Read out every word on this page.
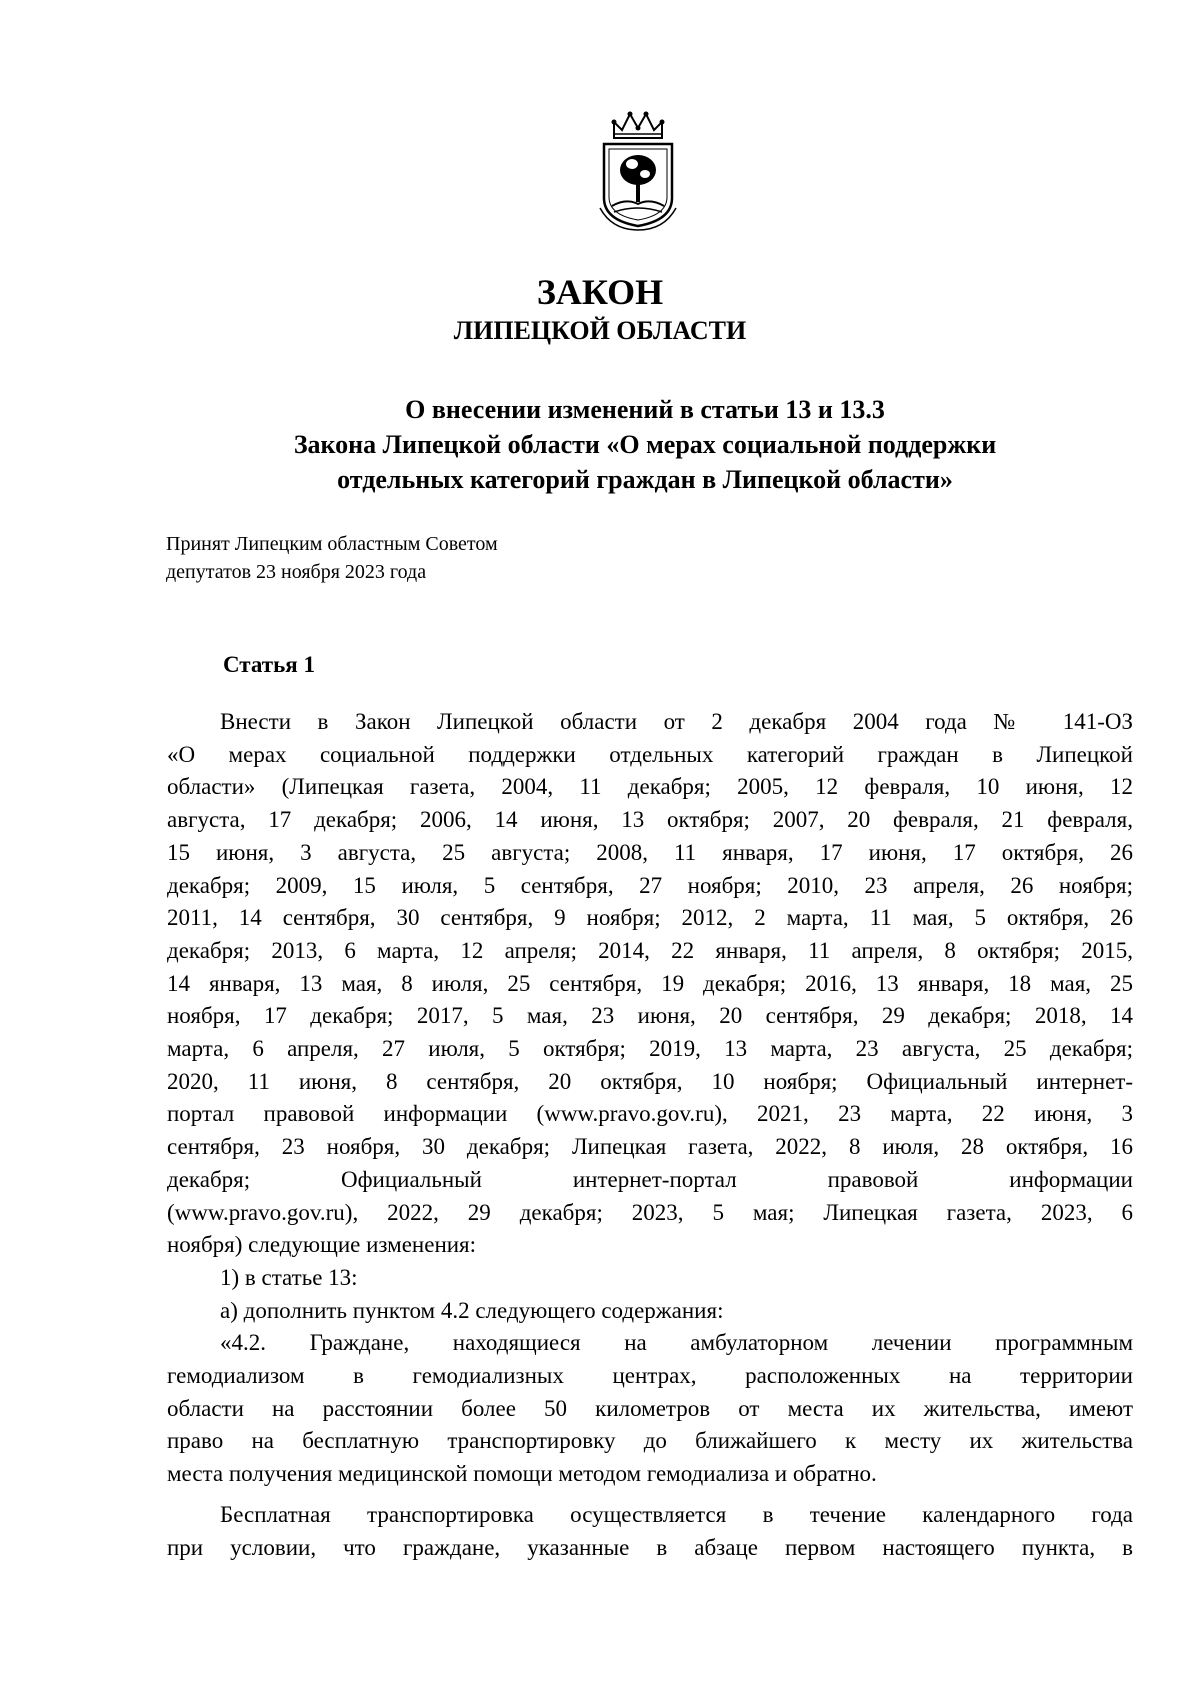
ЗАКОН
ЛИПЕЦКОЙ ОБЛАСТИ
О внесении изменений в статьи 13 и 13.3
Закона Липецкой области «О мерах социальной поддержки
отдельных категорий граждан в Липецкой области»
Принят Липецким областным Советом
депутатов 23 ноября 2023 года
Статья 1
Внести в Закон Липецкой области от 2 декабря 2004 года № 141-ОЗ
«О мерах социальной поддержки отдельных категорий граждан в Липецкой
области» (Липецкая газета, 2004, 11 декабря; 2005, 12 февраля, 10 июня, 12
августа, 17 декабря; 2006, 14 июня, 13 октября; 2007, 20 февраля, 21 февраля,
15 июня, 3 августа, 25 августа; 2008, 11 января, 17 июня, 17 октября, 26
декабря; 2009, 15 июля, 5 сентября, 27 ноября; 2010, 23 апреля, 26 ноября;
2011, 14 сентября, 30 сентября, 9 ноября; 2012, 2 марта, 11 мая, 5 октября, 26
декабря; 2013, 6 марта, 12 апреля; 2014, 22 января, 11 апреля, 8 октября; 2015,
14 января, 13 мая, 8 июля, 25 сентября, 19 декабря; 2016, 13 января, 18 мая, 25
ноября, 17 декабря; 2017, 5 мая, 23 июня, 20 сентября, 29 декабря; 2018, 14
марта, 6 апреля, 27 июля, 5 октября; 2019, 13 марта, 23 августа, 25 декабря;
2020, 11 июня, 8 сентября, 20 октября, 10 ноября; Официальный интернет-
портал правовой информации (www.pravo.gov.ru), 2021, 23 марта, 22 июня, 3
сентября, 23 ноября, 30 декабря; Липецкая газета, 2022, 8 июля, 28 октября, 16
декабря; Официальный интернет-портал правовой информации
(www.pravo.gov.ru), 2022, 29 декабря; 2023, 5 мая; Липецкая газета, 2023, 6
ноября) следующие изменения:
1) в статье 13:
а) дополнить пунктом 4.2 следующего содержания:
«4.2. Граждане, находящиеся на амбулаторном лечении программным
гемодиализом в гемодиализных центрах, расположенных на территории
области на расстоянии более 50 километров от места их жительства, имеют
право на бесплатную транспортировку до ближайшего к месту их жительства
места получения медицинской помощи методом гемодиализа и обратно.
Бесплатная транспортировка осуществляется в течение календарного года
при условии, что граждане, указанные в абзаце первом настоящего пункта, в
